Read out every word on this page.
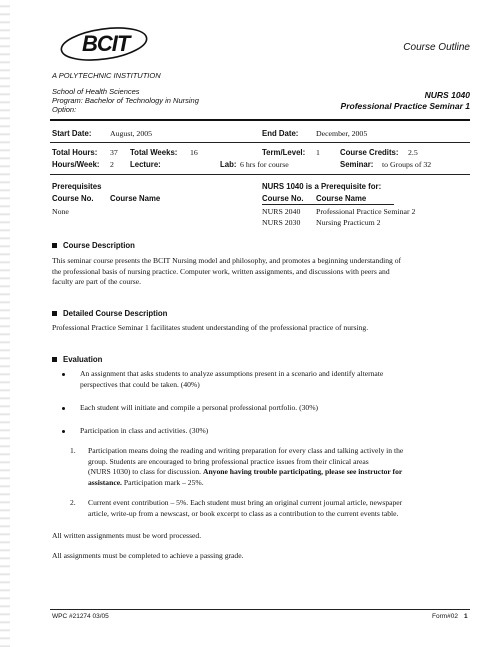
BCIT	Course Outline
A POLYTECHNIC INSTITUTION
School of Health Sciences
Program: Bachelor of Technology in Nursing
Option:
NURS 1040
Professional Practice Seminar 1
Start Date: August, 2005	End Date: December, 2005
Total Hours: 37 Total Weeks: 16	Term/Level: 1	Course Credits: 2.5
Hours/Week: 2 Lecture:	Lab: 6 hrs for course	Seminar: to Groups of 32
Prerequisites	NURS 1040 is a Prerequisite for:
Course No. Course Name	Course No. Course Name
None	NURS 2040 Professional Practice Seminar 2
NURS 2030 Nursing Practicum 2
Course Description
This seminar course presents the BCIT Nursing model and philosophy, and promotes a beginning understanding of
the professional basis of nursing practice. Computer work, written assignments, and discussions with peers and
faculty are part of the course.
Detailed Course Description
Professional Practice Seminar 1 facilitates student understanding of the professional practice of nursing.
Evaluation
An assignment that asks students to analyze assumptions present in a scenario and identify alternate
perspectives that could be taken. (40%)
Each student will initiate and compile a personal professional portfolio. (30%)
Participation in class and activities. (30%)
1. Participation means doing the reading and writing preparation for every class and talking actively in the
group. Students are encouraged to bring professional practice issues from their clinical areas
(NURS 1030) to class for discussion. Anyone having trouble participating, please see instructor for
assistance. Participation mark – 25%.
2. Current event contribution – 5%. Each student must bring an original current journal article, newspaper
article, write-up from a newscast, or book excerpt to class as a contribution to the current events table.
All written assignments must be word processed.
All assignments must be completed to achieve a passing grade.
WPC #21274 03/05	Form#02 1
